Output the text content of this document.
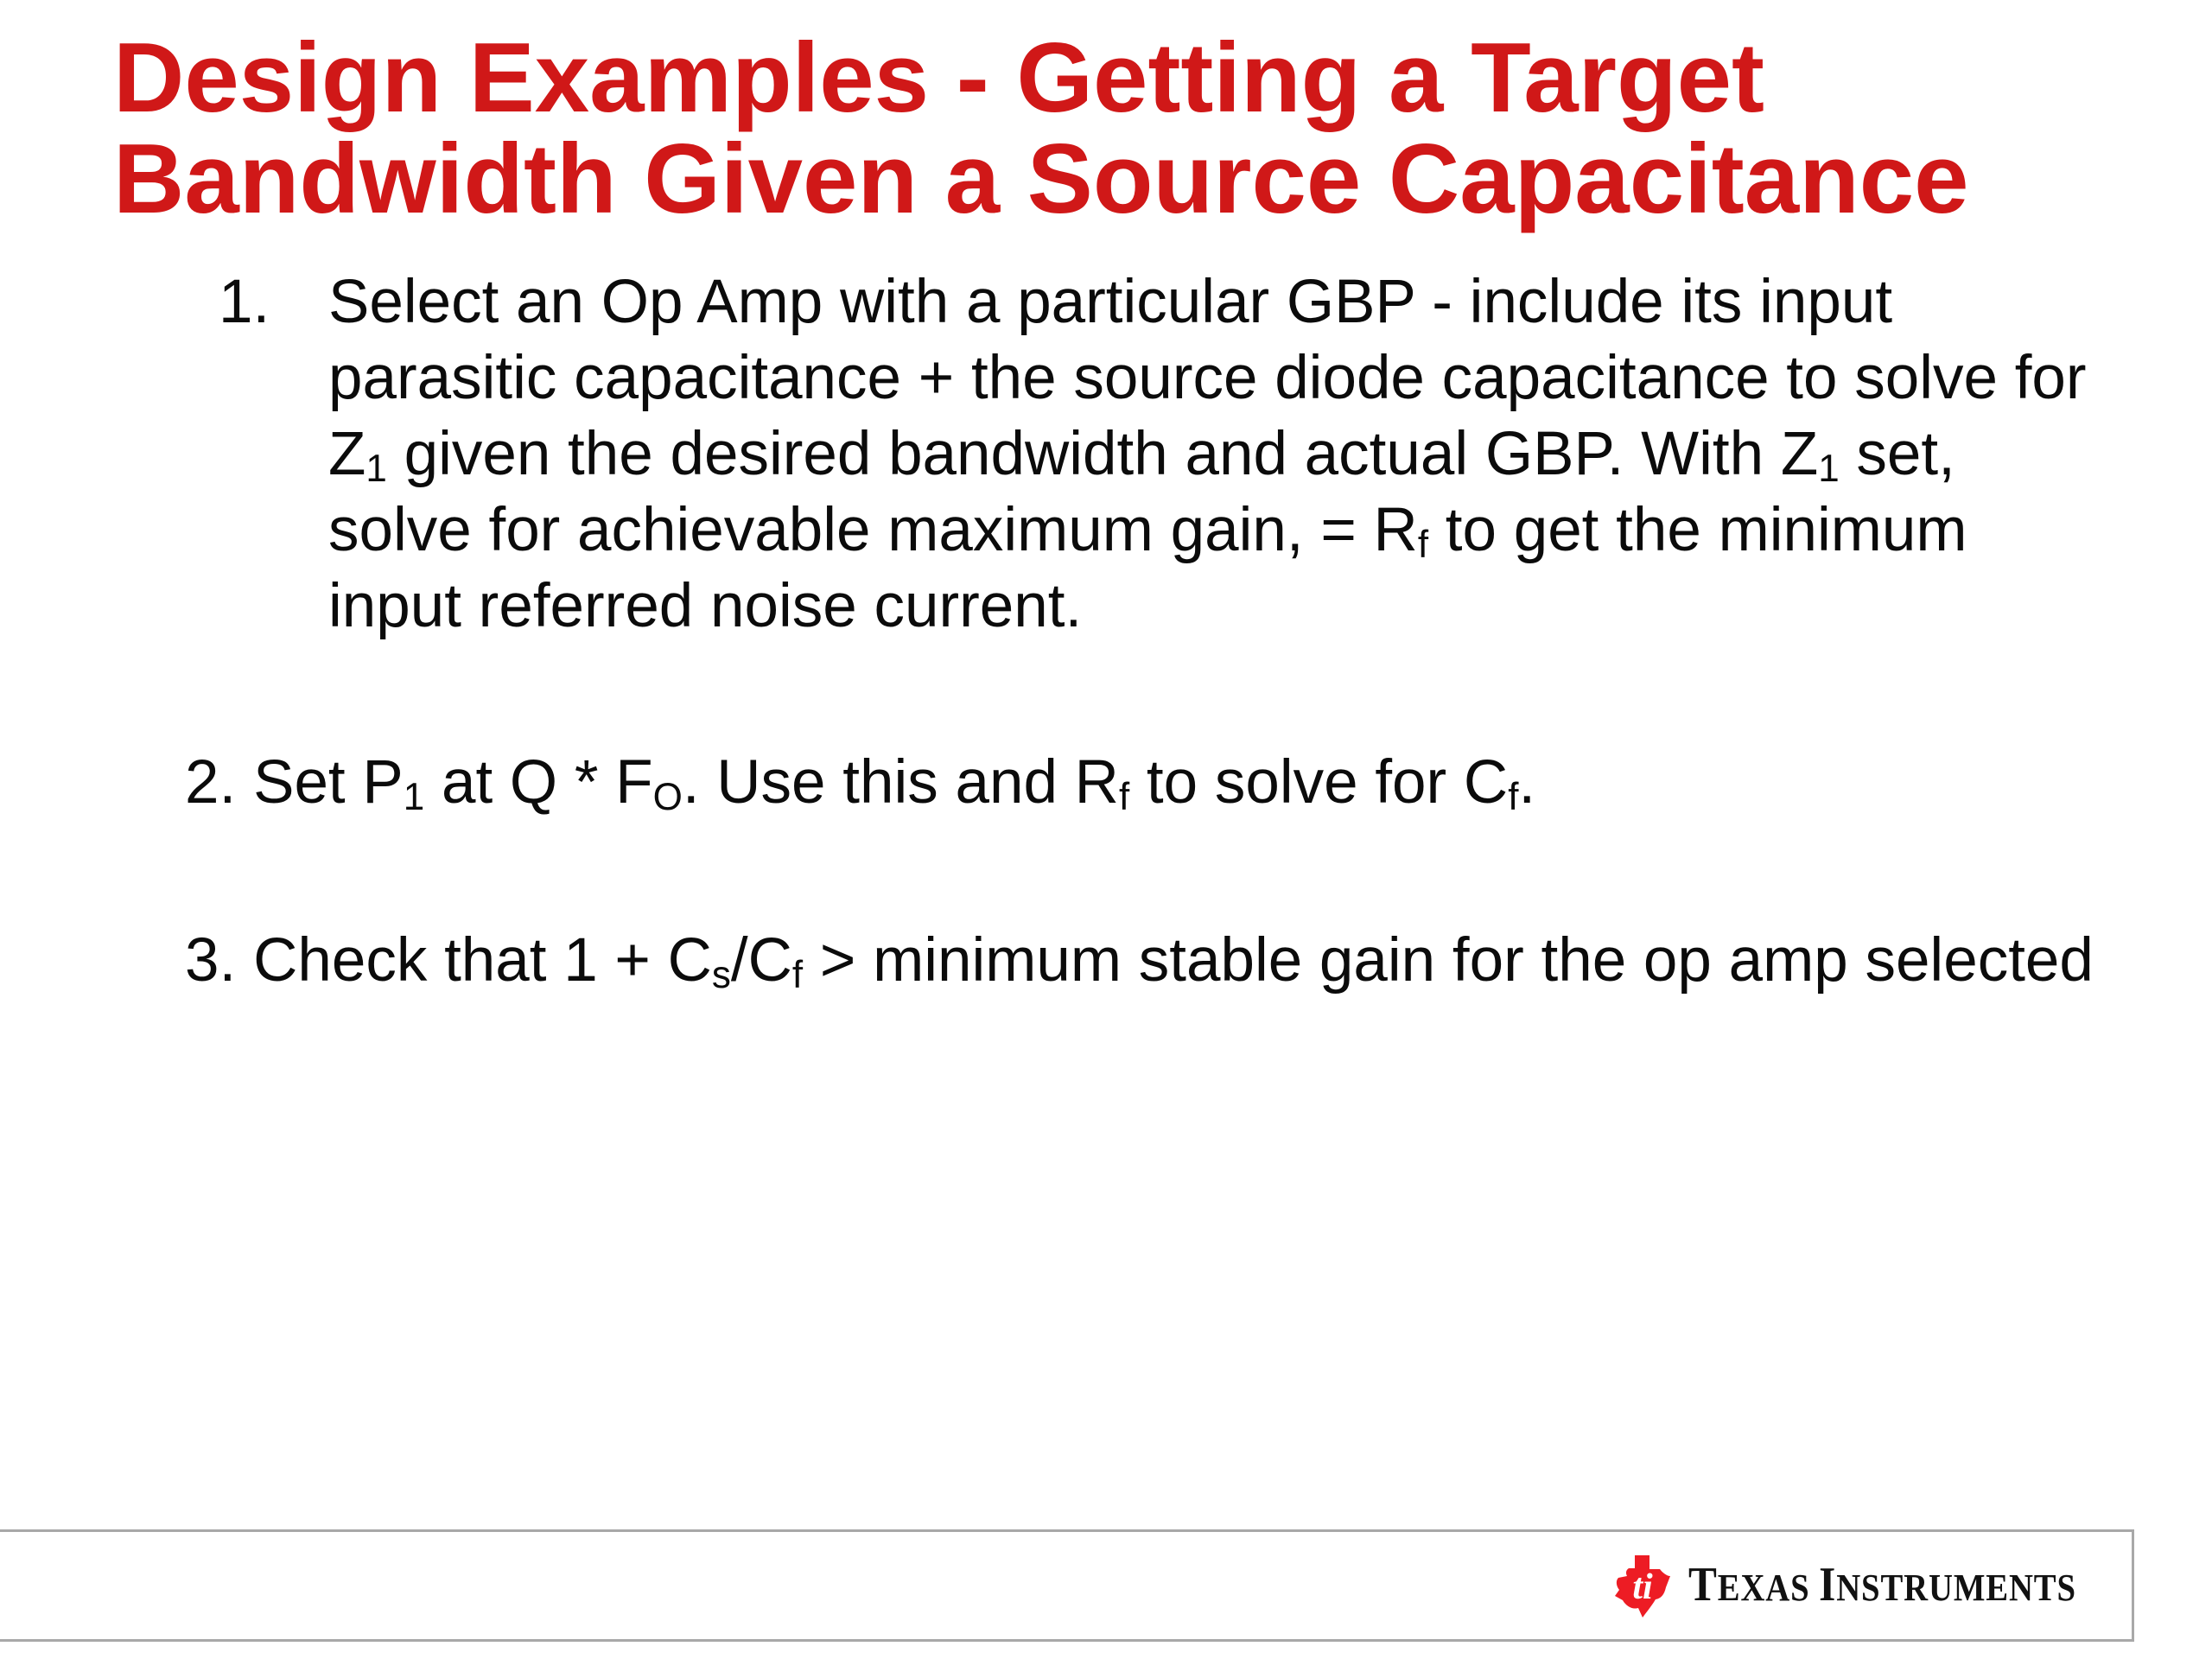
Design Examples - Getting a Target
Bandwidth Given a Source Capacitance
1. Select an Op Amp with a particular GBP - include its input
parasitic capacitance + the source diode capacitance to solve for
$Z_1$ given the desired bandwidth and actual GBP. With $Z_1$ set,
solve for achievable maximum gain, = $R_f$ to get the minimum
input referred noise current.
2. Set $P_1$ at Q * $F_O$. Use this and $R_f$ to solve for $C_f$.
3. Check that $1 + C_s/C_f$ > minimum stable gain for the op amp selected
ti TEXAS INSTRUMENTS
